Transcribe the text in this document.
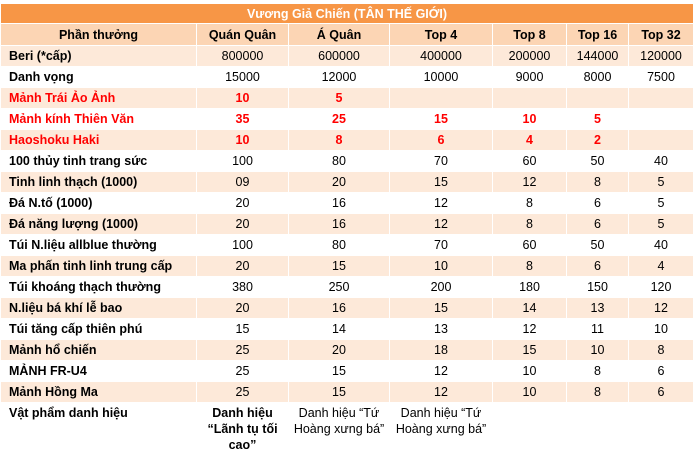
Vương Giả Chiến (TÂN THẾ GIỚI)						
Phần thưởng	Quán Quân	Á Quân	Top 4	Top 8	Top 16	Top 32
Beri (*cấp)	800000	600000	400000	200000	144000	120000
Danh vọng	15000	12000	10000	9000	8000	7500
Mảnh Trái Ảo Ảnh	10	5				
Mảnh kính Thiên Văn	35	25	15	10	5	
Haoshoku Haki	10	8	6	4	2	
100 thủy tinh trang sức	100	80	70	60	50	40
Tinh linh thạch (1000)	09	20	15	12	8	5
Đá N.tố (1000)	20	16	12	8	6	5
Đá năng lượng (1000)	20	16	12	8	6	5
Túi N.liệu allblue thường	100	80	70	60	50	40
Ma phấn tinh linh trung cấp	20	15	10	8	6	4
Túi khoáng thạch thường	380	250	200	180	150	120
N.liệu bá khí lễ bao	20	16	15	14	13	12
Túi tăng cấp thiên phú	15	14	13	12	11	10
Mảnh hổ chiến	25	20	18	15	10	8
MẢNH FR-U4	25	15	12	10	8	6
Mảnh Hồng Ma	25	15	12	10	8	6
Vật phẩm danh hiệu	Danh hiệu “Lãnh tụ tối cao”	Danh hiệu “Tứ Hoàng xưng bá”	Danh hiệu “Tứ Hoàng xưng bá”			
